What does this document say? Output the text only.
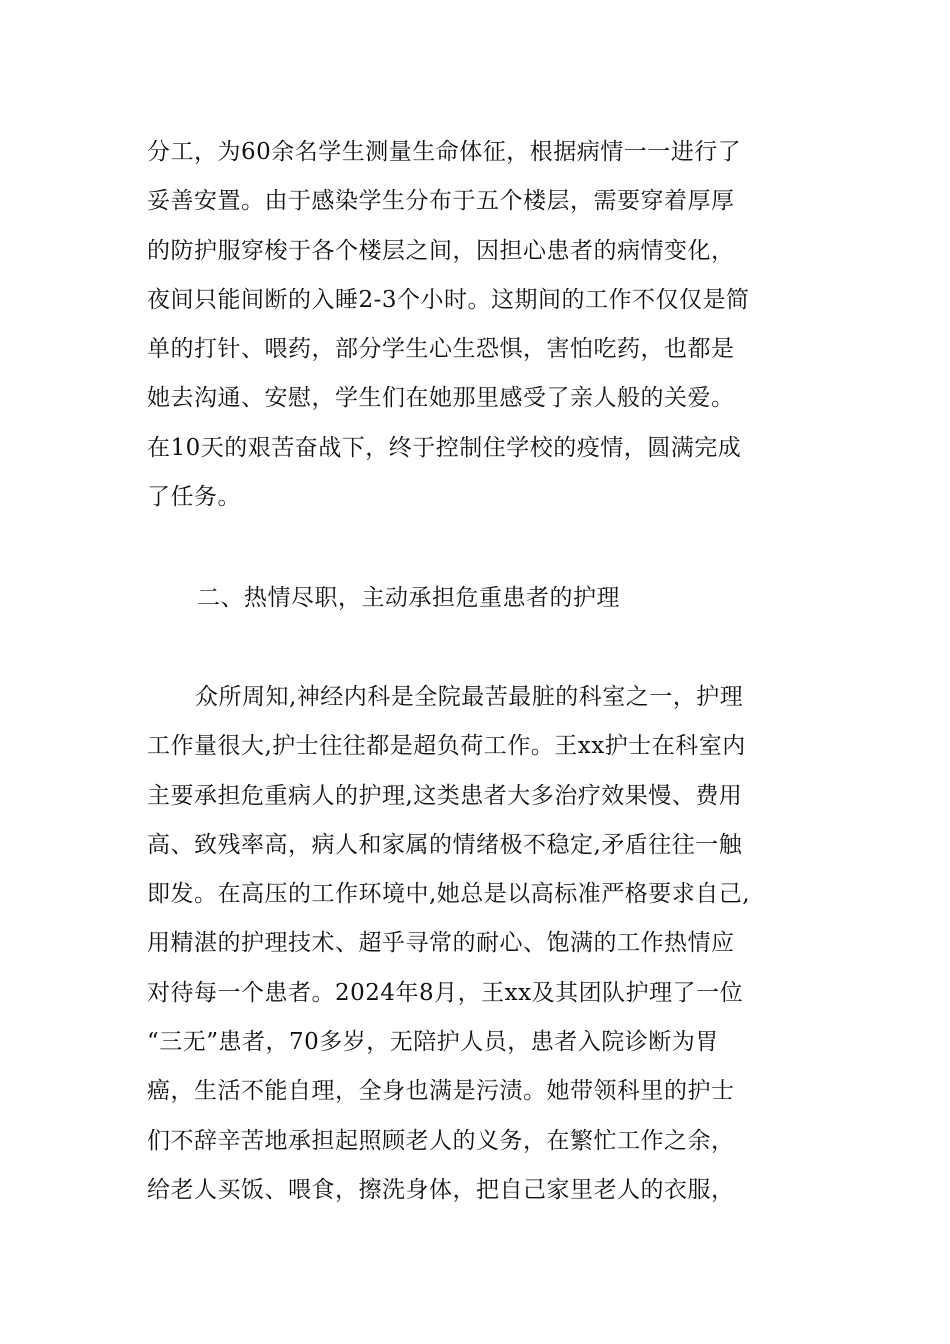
分工，为60余名学生测量生命体征，根据病情一一进行了
妥善安置。由于感染学生分布于五个楼层，需要穿着厚厚
的防护服穿梭于各个楼层之间，因担心患者的病情变化，
夜间只能间断的入睡2-3个小时。这期间的工作不仅仅是简
单的打针、喂药，部分学生心生恐惧，害怕吃药，也都是
她去沟通、安慰，学生们在她那里感受了亲人般的关爱。
在10天的艰苦奋战下，终于控制住学校的疫情，圆满完成
了任务。

二、热情尽职，主动承担危重患者的护理

众所周知,神经内科是全院最苦最脏的科室之一，护理
工作量很大,护士往往都是超负荷工作。王xx护士在科室内
主要承担危重病人的护理,这类患者大多治疗效果慢、费用
高、致残率高，病人和家属的情绪极不稳定,矛盾往往一触
即发。在高压的工作环境中,她总是以高标准严格要求自己,
用精湛的护理技术、超乎寻常的耐心、饱满的工作热情应
对待每一个患者。2024年8月，王xx及其团队护理了一位
“三无”患者，70多岁，无陪护人员，患者入院诊断为胃
癌，生活不能自理，全身也满是污渍。她带领科里的护士
们不辞辛苦地承担起照顾老人的义务，在繁忙工作之余，
给老人买饭、喂食，擦洗身体，把自己家里老人的衣服，
